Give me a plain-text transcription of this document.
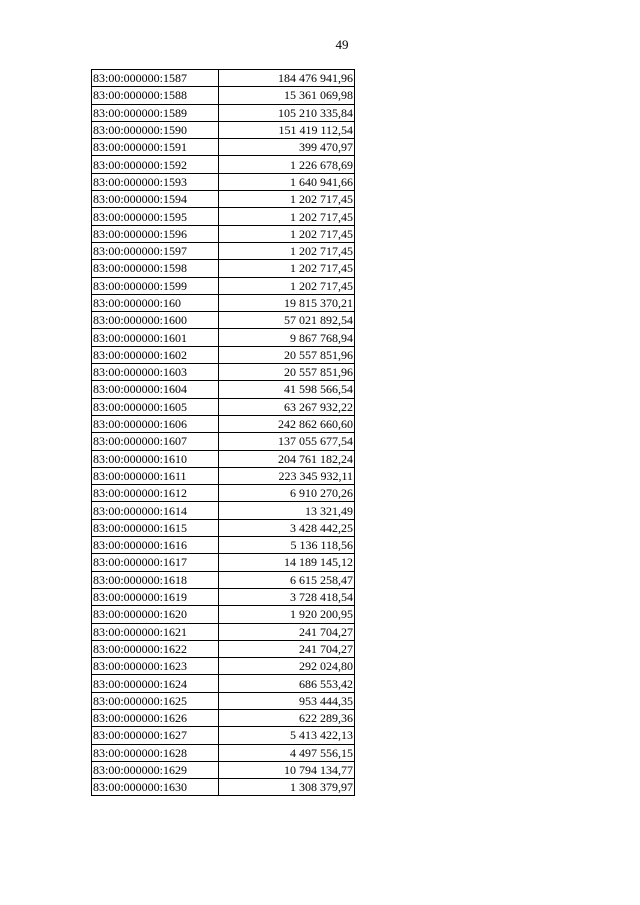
49
83:00:000000:1587	184 476 941,96
83:00:000000:1588	15 361 069,98
83:00:000000:1589	105 210 335,84
83:00:000000:1590	151 419 112,54
83:00:000000:1591	399 470,97
83:00:000000:1592	1 226 678,69
83:00:000000:1593	1 640 941,66
83:00:000000:1594	1 202 717,45
83:00:000000:1595	1 202 717,45
83:00:000000:1596	1 202 717,45
83:00:000000:1597	1 202 717,45
83:00:000000:1598	1 202 717,45
83:00:000000:1599	1 202 717,45
83:00:000000:160	19 815 370,21
83:00:000000:1600	57 021 892,54
83:00:000000:1601	9 867 768,94
83:00:000000:1602	20 557 851,96
83:00:000000:1603	20 557 851,96
83:00:000000:1604	41 598 566,54
83:00:000000:1605	63 267 932,22
83:00:000000:1606	242 862 660,60
83:00:000000:1607	137 055 677,54
83:00:000000:1610	204 761 182,24
83:00:000000:1611	223 345 932,11
83:00:000000:1612	6 910 270,26
83:00:000000:1614	13 321,49
83:00:000000:1615	3 428 442,25
83:00:000000:1616	5 136 118,56
83:00:000000:1617	14 189 145,12
83:00:000000:1618	6 615 258,47
83:00:000000:1619	3 728 418,54
83:00:000000:1620	1 920 200,95
83:00:000000:1621	241 704,27
83:00:000000:1622	241 704,27
83:00:000000:1623	292 024,80
83:00:000000:1624	686 553,42
83:00:000000:1625	953 444,35
83:00:000000:1626	622 289,36
83:00:000000:1627	5 413 422,13
83:00:000000:1628	4 497 556,15
83:00:000000:1629	10 794 134,77
83:00:000000:1630	1 308 379,97
